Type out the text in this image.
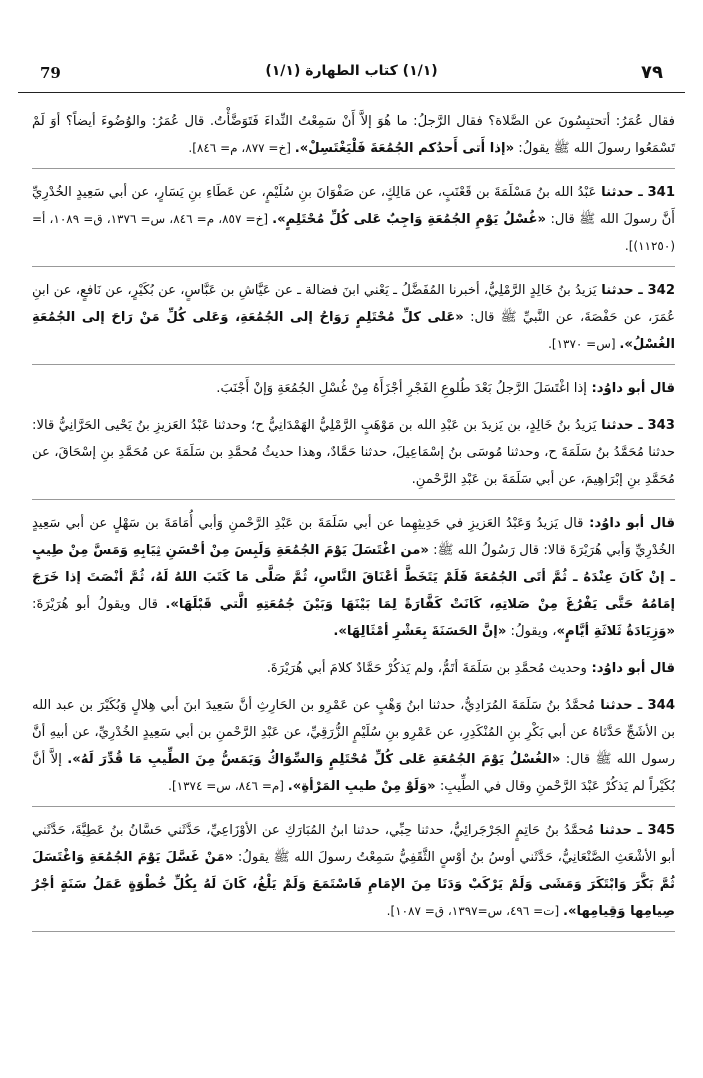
79	(١/١) كتاب الطهارة (١/١)	٧٩

فقال عُمَرُ: أتحتبِسُونَ عن الصَّلاة؟ فقال الرَّجلُ: ما هُوَ إلاَّ أَنْ سَمِعْتُ النِّداءَ فَتَوَضَّأْتُ. قال عُمَرُ: والوُضُوءَ أيضاً؟ أوَ لَمْ تَسْمَعُوا رسولَ الله ﷺ يقولُ: «إذا أَتى أَحدُكم الجُمُعَةَ فَلْيَغْتَسِلْ». [خ= ٨٧٧، م= ٨٤٦].

341 ـ حدثنا عَبْدُ الله بنُ مَسْلَمَةَ بن قَعْنَبٍ، عن مَالِكٍ، عن صَفْوَانَ بنِ سُلَيْمٍ، عن عَطَاءِ بنِ يَسَارٍ، عن أبي سَعِيدٍ الخُدْرِيِّ أَنَّ رسولَ الله ﷺ قال: «غُسْلُ يَوْمِ الجُمُعَةِ وَاجِبٌ عَلى كُلِّ مُحْتَلِمٍ». [خ= ٨٥٧، م= ٨٤٦، س= ١٣٧٦، ق= ١٠٨٩، أ= (١١٢٥٠)].

342 ـ حدثنا يَزيدُ بنُ خَالِدٍ الرَّمْلِيُّ، أخبرنا المُفَضَّلُ ـ يَعْني ابنَ فضالة ـ عن عَيَّاشِ بن عَبَّاسٍ، عن بُكَيْرٍ، عن نَافعٍ، عن ابنِ عُمَرَ، عن حَفْصَةَ، عن النَّبيِّ ﷺ قال: «عَلى كلِّ مُحْتَلِمٍ رَوَاحُ إلى الجُمُعَةِ، وَعَلى كُلِّ مَنْ رَاحَ إلى الجُمُعَةِ الغُسْلُ». [س= ١٣٧٠].

قال أبو داوُد: إذا اغْتَسَلَ الرَّجلُ بَعْدَ طُلوعِ الفَجْرِ أجْزَأَهُ مِنْ غُسْلِ الجُمُعَةِ وَإنْ أَجْنَبَ.

343 ـ حدثنا يَزيدُ بنُ خَالِدٍ، بن يَزيدَ بن عَبْدِ الله بن مَوْهَبٍ الرَّمْلِيُّ الهَمْدَانِيُّ ح؛ وحدثنا عَبْدُ العَزيزِ بنُ يَحْيى الحَرَّانِيُّ قالا: حدثنا مُحَمَّدُ بنُ سَلَمَةَ ح، وحدثنا مُوسَى بنُ إسْمَاعِيلَ، حدثنا حَمَّادٌ، وهذا حديثُ مُحمَّدِ بن سَلَمَةَ عن مُحَمَّدِ بنِ إسْحَاقَ، عن مُحَمَّدِ بنِ إبْرَاهِيمَ، عن أبي سَلَمَةَ بن عَبْدِ الرَّحْمنِ.

قال أبو داوُد: قال يَزيدُ وَعَبْدُ العَزيزِ في حَدِيثِهِما عن أبي سَلَمَةَ بن عَبْدِ الرَّحْمنِ وَأبي أُمَامَةَ بن سَهْلٍ عن أبي سَعِيدٍ الخُدْرِيِّ وَأبي هُرَيْرَةَ قالا: قال رَسُولُ الله ﷺ: «من اغْتَسَلَ يَوْمَ الجُمُعَةِ وَلَبِسَ مِنْ أحْسَنِ ثِيَابِهِ وَمَسَّ مِنْ طِيبٍ ـ إنْ كَانَ عِنْدَهُ ـ ثُمَّ أتَى الجُمُعَةَ فَلَمْ يَتَخَطَّ أعْنَاقَ النَّاسِ، ثُمَّ صَلَّى مَا كَتَبَ اللهُ لَهُ، ثُمَّ أنْصَتَ إذا خَرَجَ إمَامُهُ حَتَّى يَفْرُغَ مِنْ صَلاتِهِ، كَانَتْ كَفَّارَةً لِمَا بَيْنَهَا وَبَيْنَ جُمُعَتِهِ الَّتي قَبْلَهَا». قال ويقولُ أبو هُرَيْرَةَ: «وَزِيَادَةُ ثَلاثَةِ أيَّامٍ»، ويقولُ: «إنَّ الحَسَنَةَ بِعَشْرِ أمْثَالِهَا».

قال أبو داوُد: وحديث مُحمَّدِ بن سَلَمَةَ أتَمُّ، ولم يَذكُرْ حَمَّادٌ كلامَ أبي هُرَيْرَةَ.

344 ـ حدثنا مُحمَّدُ بنُ سَلَمَةَ المُرَادِيُّ، حدثنا ابنُ وَهْبٍ عن عَمْرِو بن الحَارِثِ أنَّ سَعِيدَ ابنَ أبي هِلالٍ وَبُكَيْرَ بن عبد الله بن الأشَجِّ حَدَّثاهُ عن أبي بَكْرِ بنِ المُنْكَدِرِ، عن عَمْرِو بنِ سُلَيْمٍ الزُّرَقِيِّ، عن عَبْدِ الرَّحْمنِ بن أبي سَعِيدٍ الخُدْرِيِّ، عن أبيهِ أنَّ رسول الله ﷺ قال: «الغُسْلُ يَوْمَ الجُمُعَةِ عَلى كُلِّ مُحْتَلِمٍ وَالسِّوَاكُ وَيَمَسُّ مِنَ الطِّيبِ مَا قُدِّرَ لَهُ». إلاَّ أنَّ بُكَيْراً لم يَذكُرْ عَبْدَ الرَّحْمنِ وقال في الطِّيبِ: «وَلَوْ مِنْ طيبِ المَرْأةِ». [م= ٨٤٦، س= ١٣٧٤].

345 ـ حدثنا مُحمَّدُ بنُ حَاتِمٍ الجَرْجَرائِيُّ، حدثنا حِبِّي، حدثنا ابنُ المُبَارَكِ عن الأوْزَاعِيِّ، حَدَّثَني حَسَّانُ بنُ عَطِيَّةَ، حَدَّثَني أبو الأشْعَثِ الصَّنْعَانِيُّ، حَدَّثَني أوسُ بنُ أوْسٍ الثَّقَفِيُّ سَمِعْتُ رسولَ الله ﷺ يقولُ: «مَنْ غَسَّلَ يَوْمَ الجُمُعَةِ وَاغْتَسَلَ ثُمَّ بَكَّرَ وَابْتَكَرَ وَمَشَى وَلَمْ يَرْكَبْ وَدَنَا مِنَ الإمَامِ فَاسْتَمَعَ وَلَمْ يَلْغُ، كَانَ لَهُ بِكُلِّ خُطْوَةٍ عَمَلُ سَنَةٍ أجْرُ صِيامِها وَقِيامِها». [ت= ٤٩٦، س=١٣٩٧، ق= ١٠٨٧].
